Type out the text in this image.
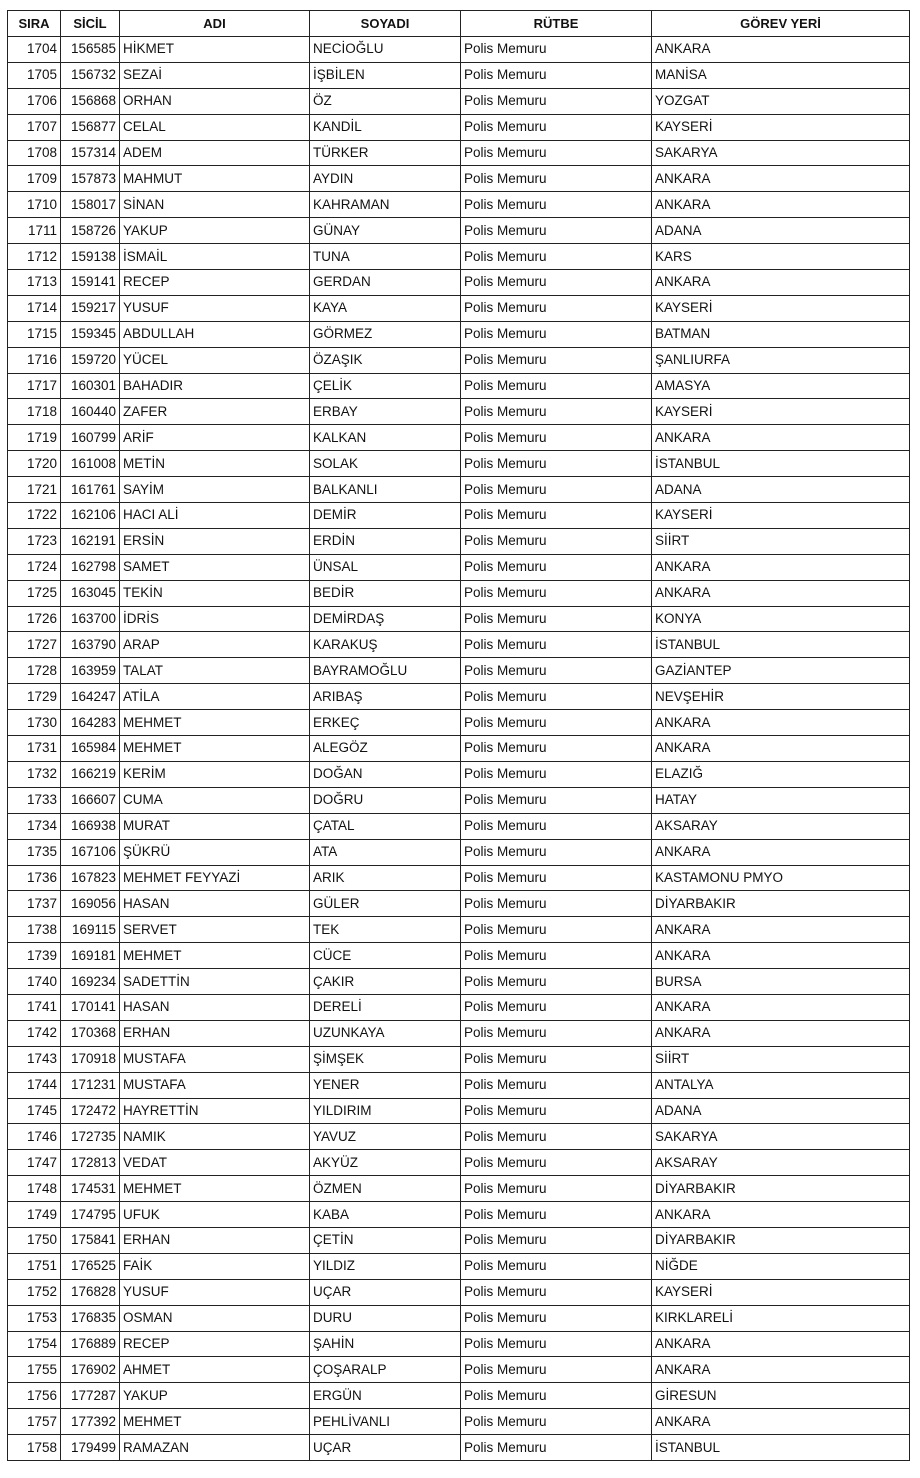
SIRA	SİCİL	ADI	SOYADI	RÜTBE	GÖREV YERİ
1704	156585	HİKMET	NECİOĞLU	Polis Memuru	ANKARA
1705	156732	SEZAİ	İŞBİLEN	Polis Memuru	MANİSA
1706	156868	ORHAN	ÖZ	Polis Memuru	YOZGAT
1707	156877	CELAL	KANDİL	Polis Memuru	KAYSERİ
1708	157314	ADEM	TÜRKER	Polis Memuru	SAKARYA
1709	157873	MAHMUT	AYDIN	Polis Memuru	ANKARA
1710	158017	SİNAN	KAHRAMAN	Polis Memuru	ANKARA
1711	158726	YAKUP	GÜNAY	Polis Memuru	ADANA
1712	159138	İSMAİL	TUNA	Polis Memuru	KARS
1713	159141	RECEP	GERDAN	Polis Memuru	ANKARA
1714	159217	YUSUF	KAYA	Polis Memuru	KAYSERİ
1715	159345	ABDULLAH	GÖRMEZ	Polis Memuru	BATMAN
1716	159720	YÜCEL	ÖZAŞIK	Polis Memuru	ŞANLIURFA
1717	160301	BAHADIR	ÇELİK	Polis Memuru	AMASYA
1718	160440	ZAFER	ERBAY	Polis Memuru	KAYSERİ
1719	160799	ARİF	KALKAN	Polis Memuru	ANKARA
1720	161008	METİN	SOLAK	Polis Memuru	İSTANBUL
1721	161761	SAYİM	BALKANLI	Polis Memuru	ADANA
1722	162106	HACI ALİ	DEMİR	Polis Memuru	KAYSERİ
1723	162191	ERSİN	ERDİN	Polis Memuru	SİİRT
1724	162798	SAMET	ÜNSAL	Polis Memuru	ANKARA
1725	163045	TEKİN	BEDİR	Polis Memuru	ANKARA
1726	163700	İDRİS	DEMİRDAŞ	Polis Memuru	KONYA
1727	163790	ARAP	KARAKUŞ	Polis Memuru	İSTANBUL
1728	163959	TALAT	BAYRAMOĞLU	Polis Memuru	GAZİANTEP
1729	164247	ATİLA	ARIBAŞ	Polis Memuru	NEVŞEHİR
1730	164283	MEHMET	ERKEÇ	Polis Memuru	ANKARA
1731	165984	MEHMET	ALEGÖZ	Polis Memuru	ANKARA
1732	166219	KERİM	DOĞAN	Polis Memuru	ELAZIĞ
1733	166607	CUMA	DOĞRU	Polis Memuru	HATAY
1734	166938	MURAT	ÇATAL	Polis Memuru	AKSARAY
1735	167106	ŞÜKRÜ	ATA	Polis Memuru	ANKARA
1736	167823	MEHMET FEYYAZİ	ARIK	Polis Memuru	KASTAMONU PMYO
1737	169056	HASAN	GÜLER	Polis Memuru	DİYARBAKIR
1738	169115	SERVET	TEK	Polis Memuru	ANKARA
1739	169181	MEHMET	CÜCE	Polis Memuru	ANKARA
1740	169234	SADETTİN	ÇAKIR	Polis Memuru	BURSA
1741	170141	HASAN	DERELİ	Polis Memuru	ANKARA
1742	170368	ERHAN	UZUNKAYA	Polis Memuru	ANKARA
1743	170918	MUSTAFA	ŞİMŞEK	Polis Memuru	SİİRT
1744	171231	MUSTAFA	YENER	Polis Memuru	ANTALYA
1745	172472	HAYRETTİN	YILDIRIM	Polis Memuru	ADANA
1746	172735	NAMIK	YAVUZ	Polis Memuru	SAKARYA
1747	172813	VEDAT	AKYÜZ	Polis Memuru	AKSARAY
1748	174531	MEHMET	ÖZMEN	Polis Memuru	DİYARBAKIR
1749	174795	UFUK	KABA	Polis Memuru	ANKARA
1750	175841	ERHAN	ÇETİN	Polis Memuru	DİYARBAKIR
1751	176525	FAİK	YILDIZ	Polis Memuru	NİĞDE
1752	176828	YUSUF	UÇAR	Polis Memuru	KAYSERİ
1753	176835	OSMAN	DURU	Polis Memuru	KIRKLARELİ
1754	176889	RECEP	ŞAHİN	Polis Memuru	ANKARA
1755	176902	AHMET	ÇOŞARALP	Polis Memuru	ANKARA
1756	177287	YAKUP	ERGÜN	Polis Memuru	GİRESUN
1757	177392	MEHMET	PEHLİVANLI	Polis Memuru	ANKARA
1758	179499	RAMAZAN	UÇAR	Polis Memuru	İSTANBUL
